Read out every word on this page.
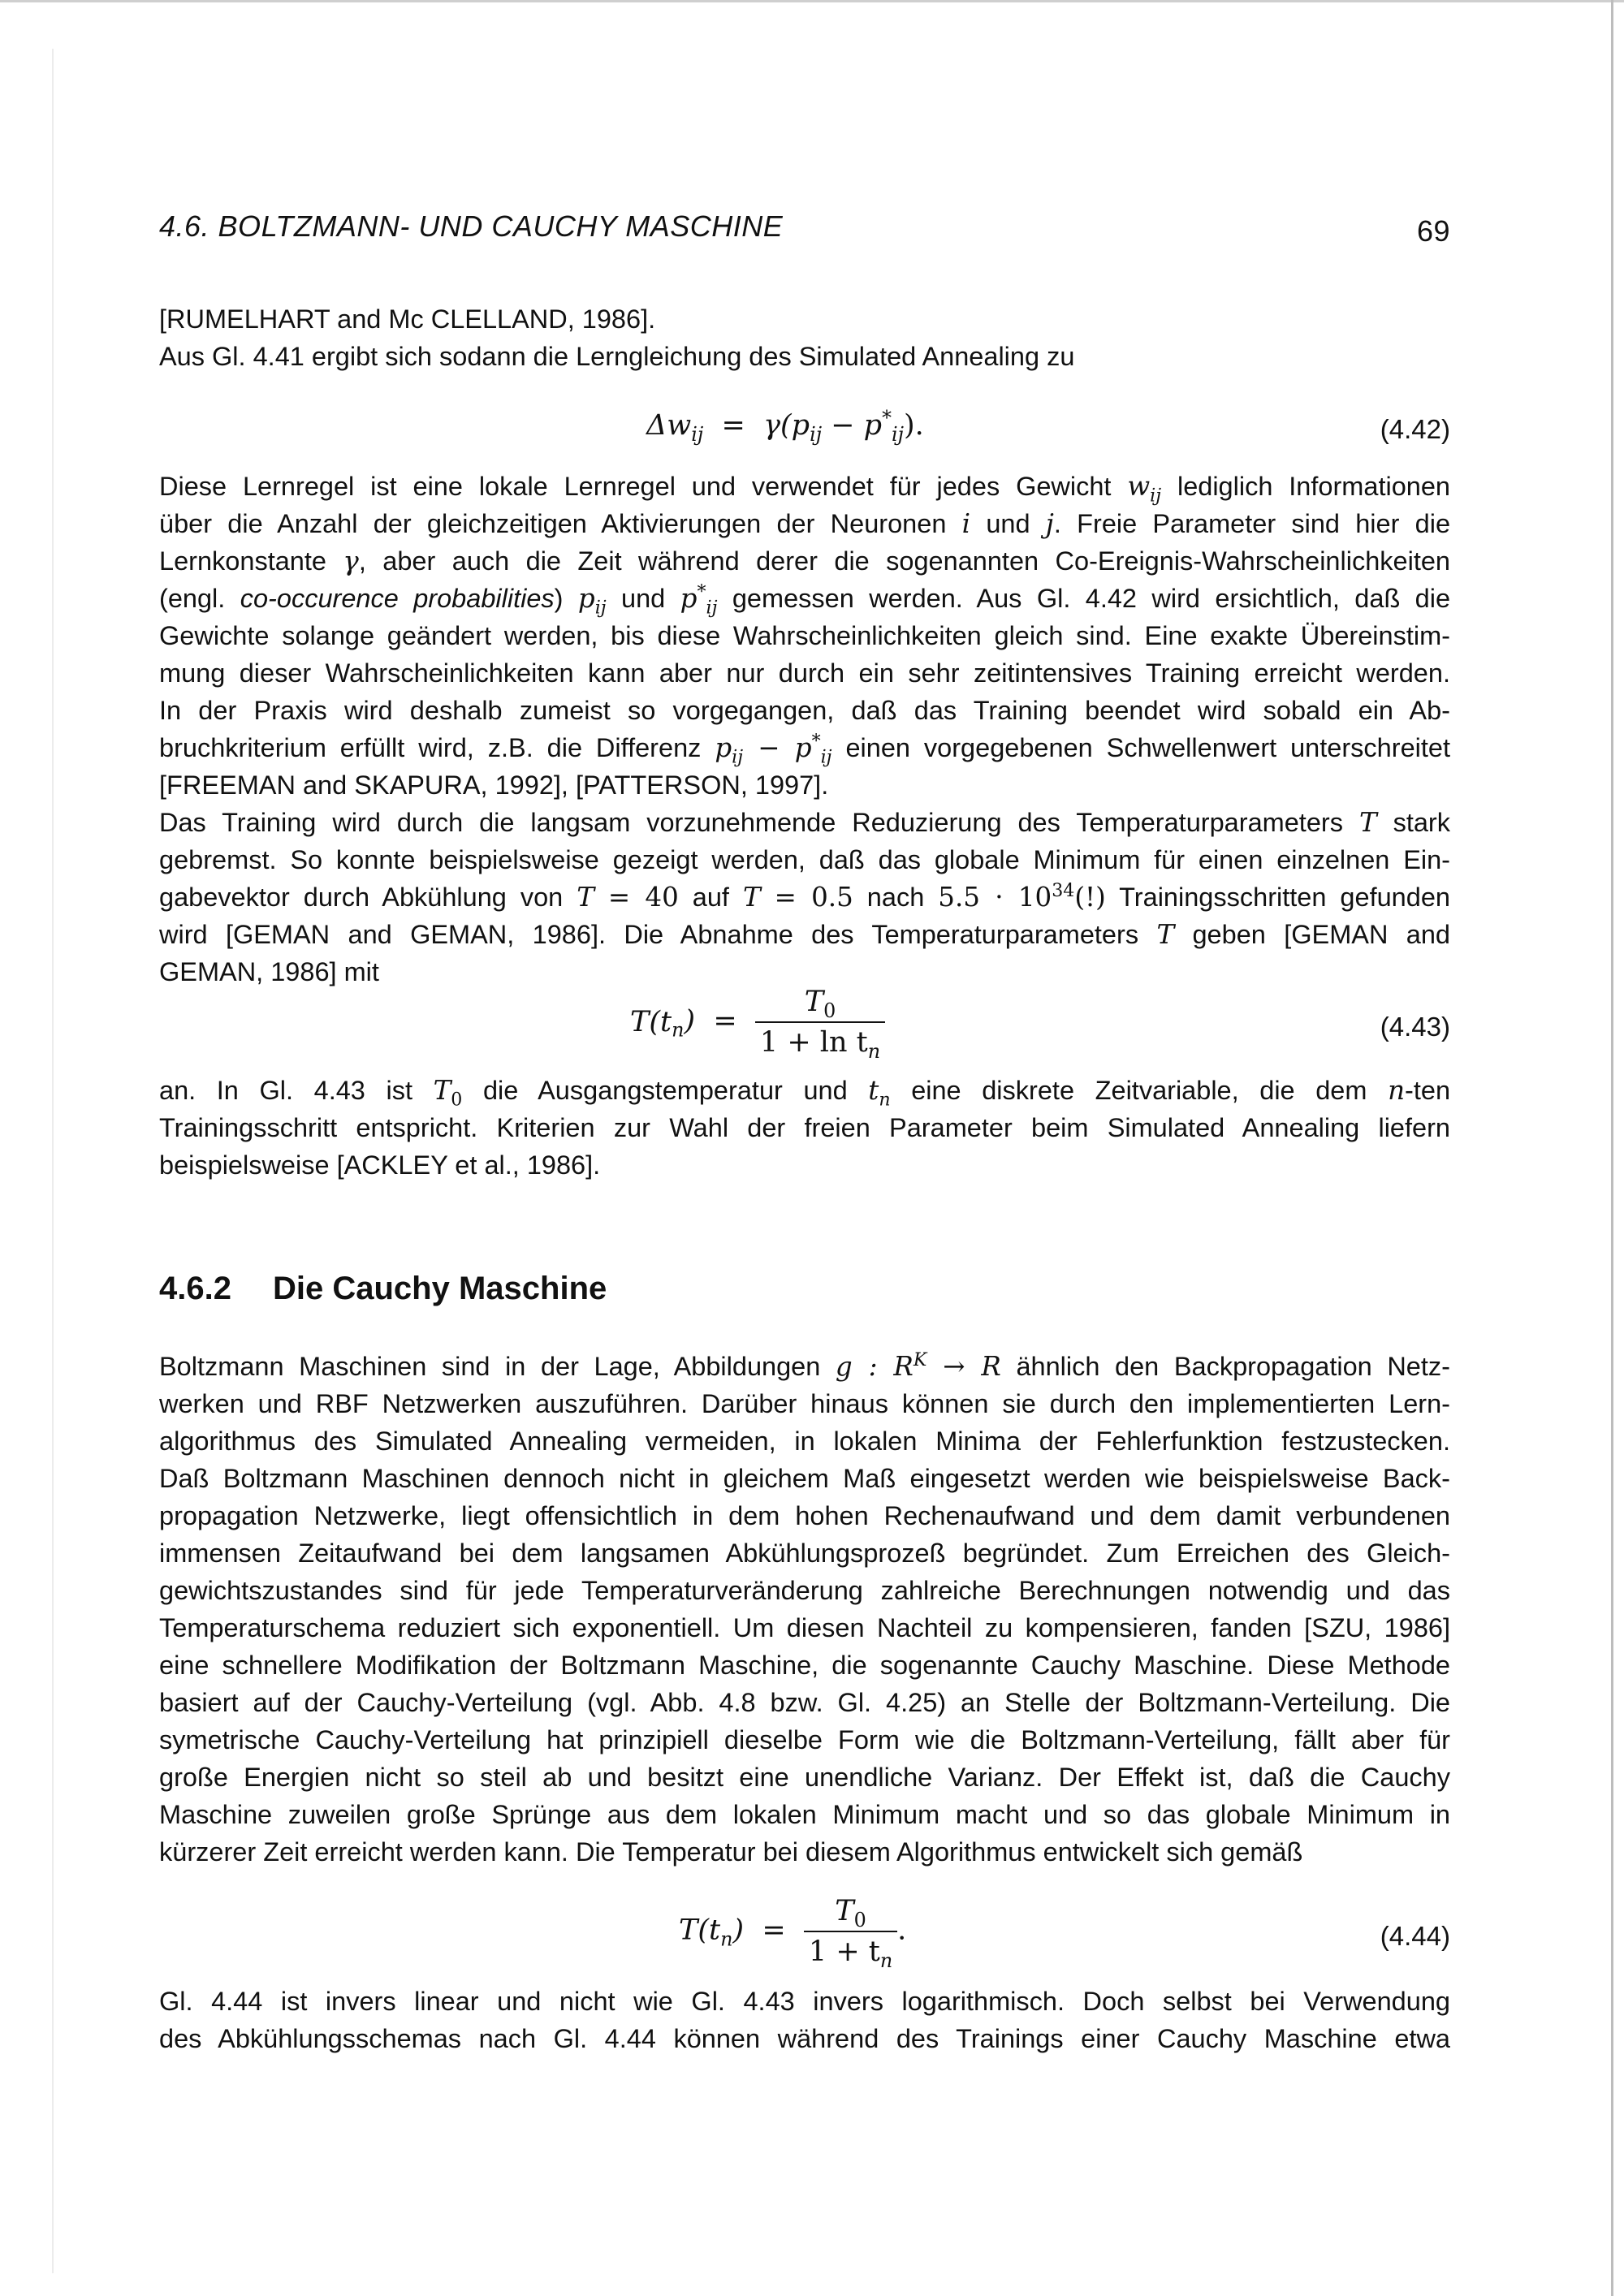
4.6. BOLTZMANN- UND CAUCHY MASCHINE	69

[RUMELHART and Mc CLELLAND, 1986].
Aus Gl. 4.41 ergibt sich sodann die Lerngleichung des Simulated Annealing zu

$\Delta w_{ij} = \gamma(p_{ij} - p^*_{ij})$.	(4.42)

Diese Lernregel ist eine lokale Lernregel und verwendet für jedes Gewicht $w_{ij}$ lediglich Informationen
über die Anzahl der gleichzeitigen Aktivierungen der Neuronen i und j. Freie Parameter sind hier die
Lernkonstante γ, aber auch die Zeit während derer die sogenannten Co-Ereignis-Wahrscheinlichkeiten
(engl. co-occurence probabilities) $p_{ij}$ und $p^*_{ij}$ gemessen werden. Aus Gl. 4.42 wird ersichtlich, daß die
Gewichte solange geändert werden, bis diese Wahrscheinlichkeiten gleich sind. Eine exakte Übereinstim-
mung dieser Wahrscheinlichkeiten kann aber nur durch ein sehr zeitintensives Training erreicht werden.
In der Praxis wird deshalb zumeist so vorgegangen, daß das Training beendet wird sobald ein Ab-
bruchkriterium erfüllt wird, z.B. die Differenz $p_{ij} - p^*_{ij}$ einen vorgegebenen Schwellenwert unterschreitet
[FREEMAN and SKAPURA, 1992], [PATTERSON, 1997].

Das Training wird durch die langsam vorzunehmende Reduzierung des Temperaturparameters T stark
gebremst. So konnte beispielsweise gezeigt werden, daß das globale Minimum für einen einzelnen Ein-
gabevektor durch Abkühlung von T = 40 auf T = 0.5 nach $5.5 \cdot 10^{34}(!)$ Trainingsschritten gefunden
wird [GEMAN and GEMAN, 1986]. Die Abnahme des Temperaturparameters T geben [GEMAN and
GEMAN, 1986] mit

$T(t_n) = \frac{T_0}{1 + \ln t_n}$	(4.43)

an. In Gl. 4.43 ist $T_0$ die Ausgangstemperatur und $t_n$ eine diskrete Zeitvariable, die dem n-ten
Trainingsschritt entspricht. Kriterien zur Wahl der freien Parameter beim Simulated Annealing liefern
beispielsweise [ACKLEY et al., 1986].

4.6.2 Die Cauchy Maschine

Boltzmann Maschinen sind in der Lage, Abbildungen g : $R^K \to R$ ähnlich den Backpropagation Netz-
werken und RBF Netzwerken auszuführen. Darüber hinaus können sie durch den implementierten Lern-
algorithmus des Simulated Annealing vermeiden, in lokalen Minima der Fehlerfunktion festzustecken.
Daß Boltzmann Maschinen dennoch nicht in gleichem Maß eingesetzt werden wie beispielsweise Back-
propagation Netzwerke, liegt offensichtlich in dem hohen Rechenaufwand und dem damit verbundenen
immensen Zeitaufwand bei dem langsamen Abkühlungsprozeß begründet. Zum Erreichen des Gleich-
gewichtszustandes sind für jede Temperaturveränderung zahlreiche Berechnungen notwendig und das
Temperaturschema reduziert sich exponentiell. Um diesen Nachteil zu kompensieren, fanden [SZU, 1986]
eine schnellere Modifikation der Boltzmann Maschine, die sogenannte Cauchy Maschine. Diese Methode
basiert auf der Cauchy-Verteilung (vgl. Abb. 4.8 bzw. Gl. 4.25) an Stelle der Boltzmann-Verteilung. Die
symetrische Cauchy-Verteilung hat prinzipiell dieselbe Form wie die Boltzmann-Verteilung, fällt aber für
große Energien nicht so steil ab und besitzt eine unendliche Varianz. Der Effekt ist, daß die Cauchy
Maschine zuweilen große Sprünge aus dem lokalen Minimum macht und so das globale Minimum in
kürzerer Zeit erreicht werden kann. Die Temperatur bei diesem Algorithmus entwickelt sich gemäß

$T(t_n) = \frac{T_0}{1 + t_n}$ .	(4.44)

Gl. 4.44 ist invers linear und nicht wie Gl. 4.43 invers logarithmisch. Doch selbst bei Verwendung
des Abkühlungsschemas nach Gl. 4.44 können während des Trainings einer Cauchy Maschine etwa
